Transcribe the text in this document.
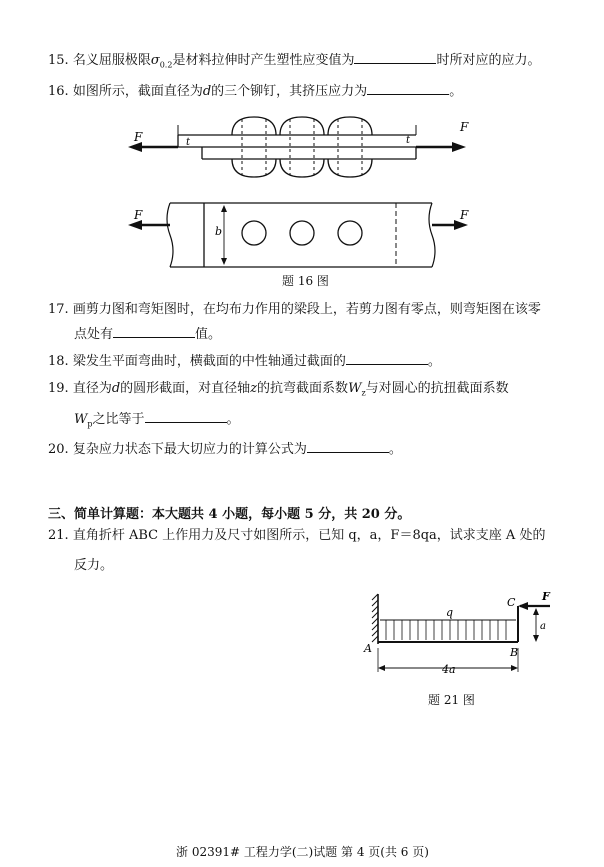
15. 名义屈服极限$\sigma_{0.2}$是材料拉伸时产生塑性应变值为	时所对应的应力。
16. 如图所示，截面直径为d的三个铆钉，其挤压应力为	。
F
F
t	t
b
F	F
题 16 图
17. 画剪力图和弯矩图时，在均布力作用的梁段上，若剪力图有零点，则弯矩图在该零
点处有	值。
18. 梁发生平面弯曲时，横截面的中性轴通过截面的	。
19. 直径为d的圆形截面，对直径轴z的抗弯截面系数$W_z$与对圆心的抗扭截面系数
$W_p$之比等于	。
20. 复杂应力状态下最大切应力的计算公式为	。
三、简单计算题：本大题共 4 小题，每小题 5 分，共 20 分。
21. 直角折杆 ABC 上作用力及尺寸如图所示，已知 q，a，F＝8qa，试求支座 A 处的
反力。
q
C F
a
A	B
4a
题 21 图
浙 02391# 工程力学(二)试题 第 4 页(共 6 页)
